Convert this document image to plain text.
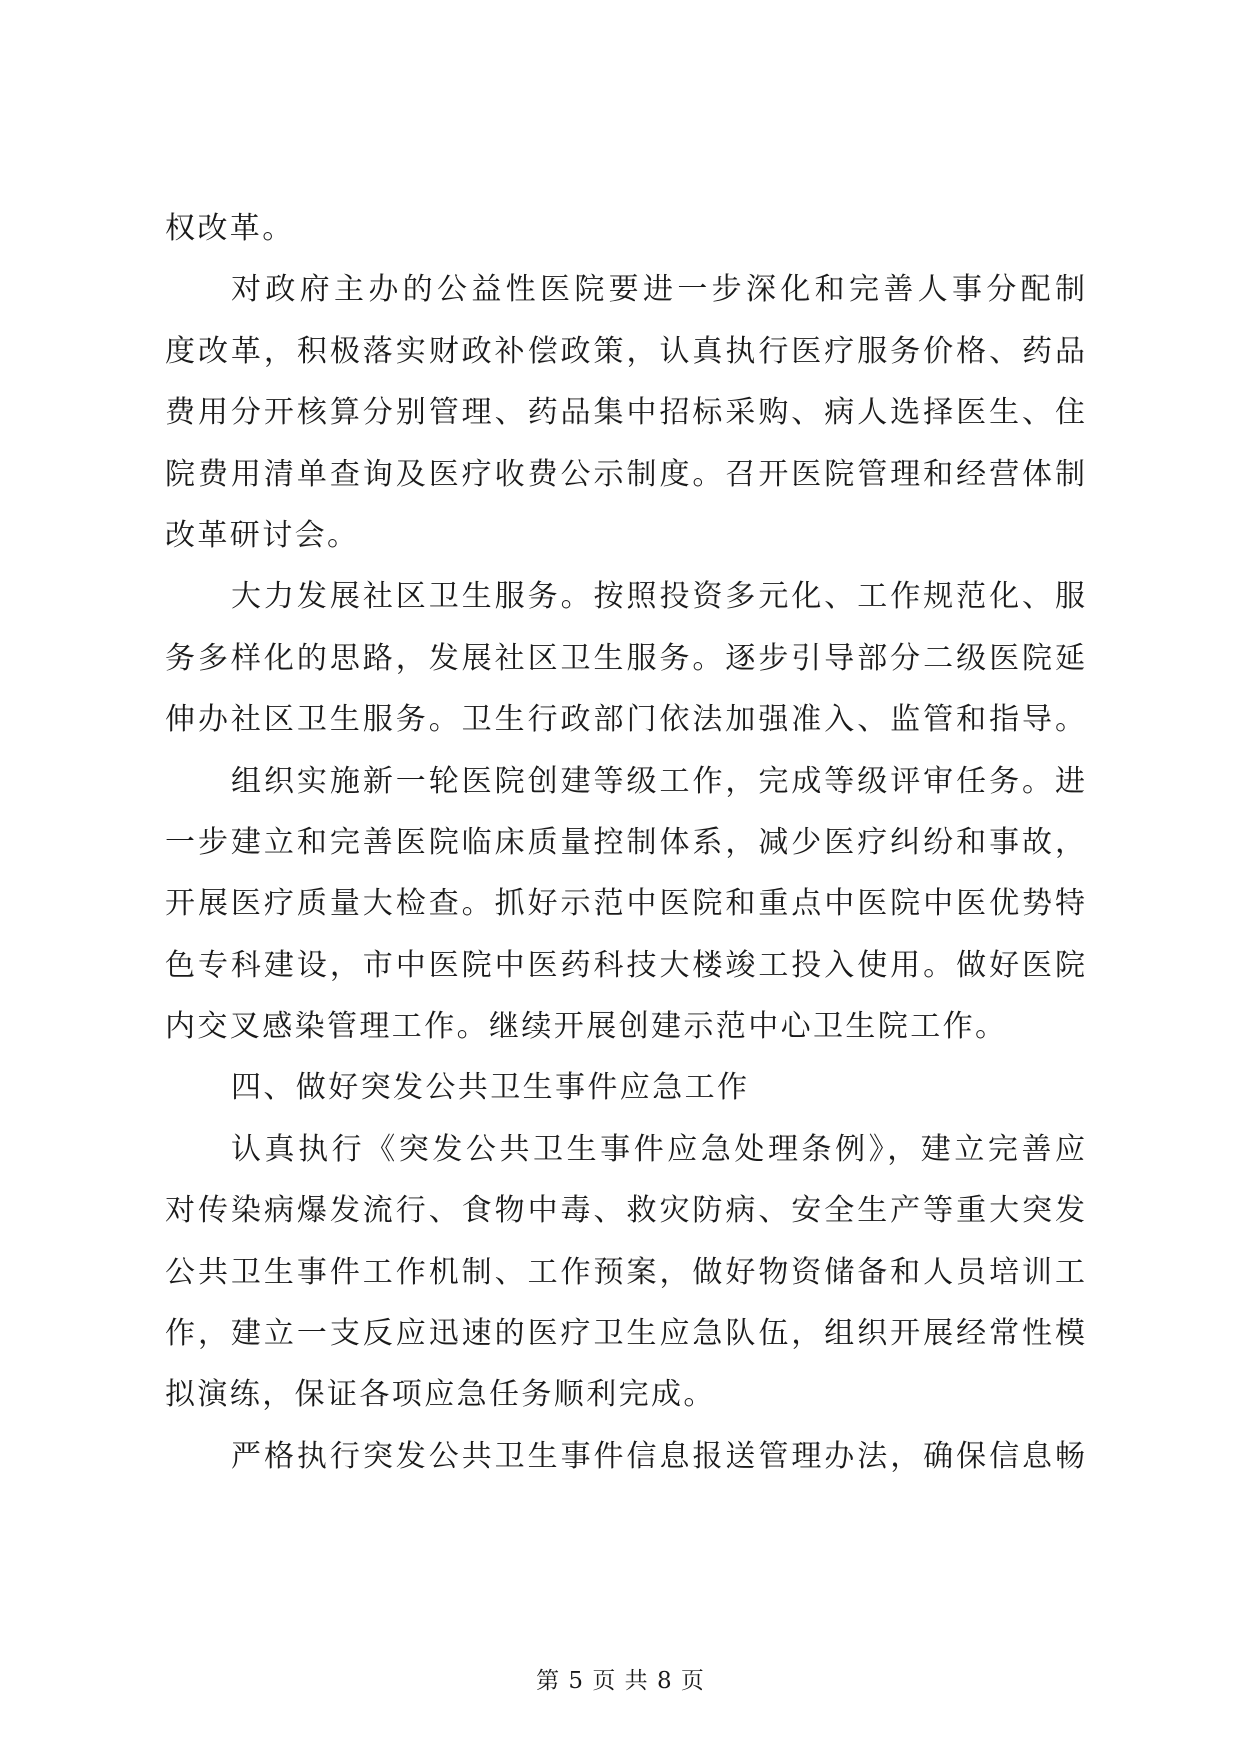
权改革。
对政府主办的公益性医院要进一步深化和完善人事分配制
度改革，积极落实财政补偿政策，认真执行医疗服务价格、药品
费用分开核算分别管理、药品集中招标采购、病人选择医生、住
院费用清单查询及医疗收费公示制度。召开医院管理和经营体制
改革研讨会。
大力发展社区卫生服务。按照投资多元化、工作规范化、服
务多样化的思路，发展社区卫生服务。逐步引导部分二级医院延
伸办社区卫生服务。卫生行政部门依法加强准入、监管和指导。
组织实施新一轮医院创建等级工作，完成等级评审任务。进
一步建立和完善医院临床质量控制体系，减少医疗纠纷和事故，
开展医疗质量大检查。抓好示范中医院和重点中医院中医优势特
色专科建设，市中医院中医药科技大楼竣工投入使用。做好医院
内交叉感染管理工作。继续开展创建示范中心卫生院工作。
四、做好突发公共卫生事件应急工作
认真执行《突发公共卫生事件应急处理条例》，建立完善应
对传染病爆发流行、食物中毒、救灾防病、安全生产等重大突发
公共卫生事件工作机制、工作预案，做好物资储备和人员培训工
作，建立一支反应迅速的医疗卫生应急队伍，组织开展经常性模
拟演练，保证各项应急任务顺利完成。
严格执行突发公共卫生事件信息报送管理办法，确保信息畅
第 5 页 共 8 页
